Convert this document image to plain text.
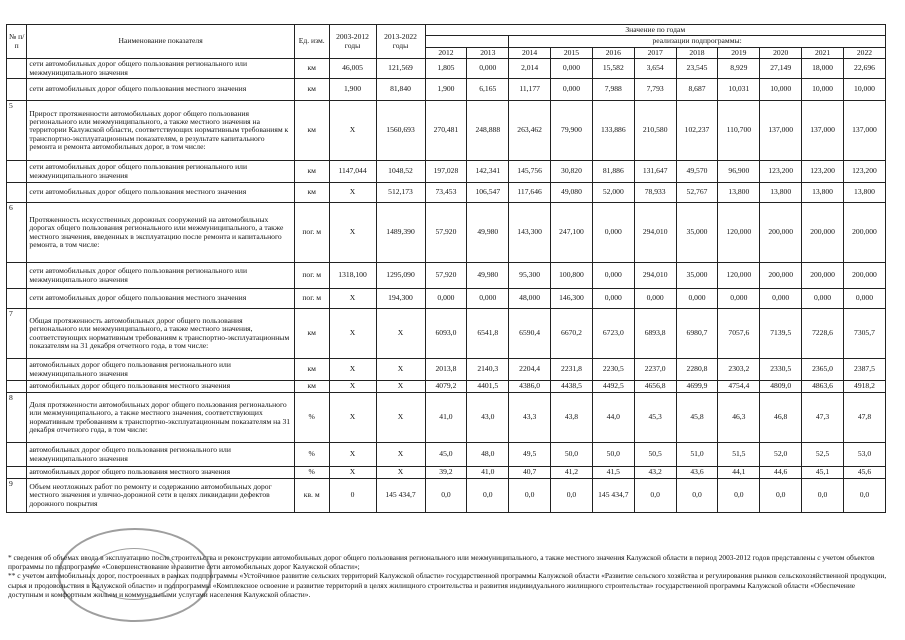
№ п/п	Наименование показателя	Ед. изм.	2003-2012 годы	2013-2022 годы	Значение по годам										
							реализации подпрограммы:								
					2012	2013	2014	2015	2016	2017	2018	2019	2020	2021	2022
	сети автомобильных дорог общего пользования регионального или межмуниципального значения	км	46,005	121,569	1,805	0,000	2,014	0,000	15,582	3,654	23,545	8,929	27,149	18,000	22,696
	сети автомобильных дорог общего пользования местного значения	км	1,900	81,840	1,900	6,165	11,177	0,000	7,988	7,793	8,687	10,031	10,000	10,000	10,000
5	Прирост протяженности автомобильных дорог общего пользования регионального или межмуниципального, а также местного значения на территории Калужской области, соответствующих нормативным требованиям к транспортно-эксплуатационным показателям, в результате капитального ремонта и ремонта автомобильных дорог, в том числе:	км	X	1560,693	270,481	248,888	263,462	79,900	133,886	210,580	102,237	110,700	137,000	137,000	137,000
	сети автомобильных дорог общего пользования регионального или межмуниципального значения	км	1147,044	1048,52	197,028	142,341	145,756	30,820	81,886	131,647	49,570	96,900	123,200	123,200	123,200
	сети автомобильных дорог общего пользования местного значения	км	X	512,173	73,453	106,547	117,646	49,080	52,000	78,933	52,767	13,800	13,800	13,800	13,800
6	Протяженность искусственных дорожных сооружений на автомобильных дорогах общего пользования регионального или межмуниципального, а также местного значения, введенных в эксплуатацию после ремонта и капитального ремонта, в том числе:	пог. м	X	1489,390	57,920	49,980	143,300	247,100	0,000	294,010	35,000	120,000	200,000	200,000	200,000
	сети автомобильных дорог общего пользования регионального или межмуниципального значения	пог. м	1318,100	1295,090	57,920	49,980	95,300	100,800	0,000	294,010	35,000	120,000	200,000	200,000	200,000
	сети автомобильных дорог общего пользования местного значения	пог. м	X	194,300	0,000	0,000	48,000	146,300	0,000	0,000	0,000	0,000	0,000	0,000	0,000
7	Общая протяженность автомобильных дорог общего пользования регионального или межмуниципального, а также местного значения, соответствующих нормативным требованиям к транспортно-эксплуатационным показателям на 31 декабря отчетного года, в том числе:	км	X	X	6093,0	6541,8	6590,4	6670,2	6723,0	6893,8	6980,7	7057,6	7139,5	7228,6	7305,7
	автомобильных дорог общего пользования регионального или межмуниципального значения	км	X	X	2013,8	2140,3	2204,4	2231,8	2230,5	2237,0	2280,8	2303,2	2330,5	2365,0	2387,5
	автомобильных дорог общего пользования местного значения	км	X	X	4079,2	4401,5	4386,0	4438,5	4492,5	4656,8	4699,9	4754,4	4809,0	4863,6	4918,2
8	Доля протяженности автомобильных дорог общего пользования регионального или межмуниципального, а также местного значения, соответствующих нормативным требованиям к транспортно-эксплуатационным показателям на 31 декабря отчетного года, в том числе:	%	X	X	41,0	43,0	43,3	43,8	44,0	45,3	45,8	46,3	46,8	47,3	47,8
	автомобильных дорог общего пользования регионального или межмуниципального значения	%	X	X	45,0	48,0	49,5	50,0	50,0	50,5	51,0	51,5	52,0	52,5	53,0
	автомобильных дорог общего пользования местного значения	%	X	X	39,2	41,0	40,7	41,2	41,5	43,2	43,6	44,1	44,6	45,1	45,6
9	Объем неотложных работ по ремонту и содержанию автомобильных дорог местного значения и улично-дорожной сети в целях ликвидации дефектов дорожного покрытия	кв. м	0	145 434,7	0,0	0,0	0,0	0,0	145 434,7	0,0	0,0	0,0	0,0	0,0	0,0

* сведения об объемах ввода в эксплуатацию после строительства и реконструкции автомобильных дорог общего пользования регионального или межмуниципального, а также местного значения Калужской области в период 2003-2012 годов представлены с учетом объектов программы по подпрограмме «Совершенствование и развитие сети автомобильных дорог Калужской области»;

** с учетом автомобильных дорог, построенных в рамках подпрограммы «Устойчивое развитие сельских территорий Калужской области» государственной программы Калужской области «Развитие сельского хозяйства и регулирования рынков сельскохозяйственной продукции, сырья и продовольствия в Калужской области» и подпрограммы «Комплексное освоение и развитие территорий в целях жилищного строительства и развития индивидуального жилищного строительства» государственной программы Калужской области «Обеспечение доступным и комфортным жильем и коммунальными услугами населения Калужской области».
